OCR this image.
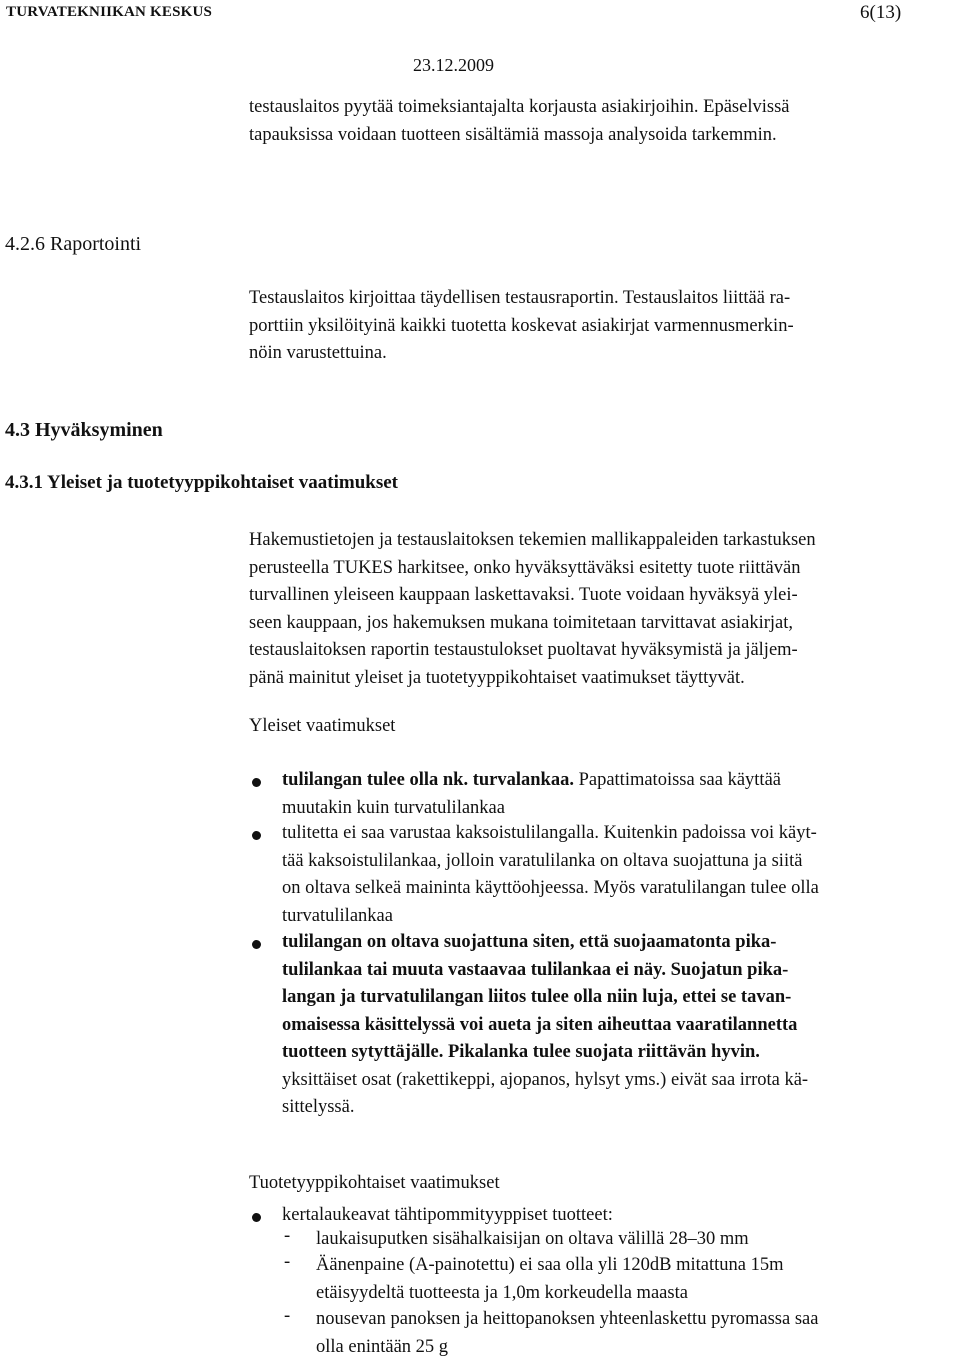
TURVATEKNIIKAN KESKUS	6(13)
23.12.2009
testauslaitos pyytää toimeksiantajalta korjausta asiakirjoihin. Epäselvissä
tapauksissa voidaan tuotteen sisältämiä massoja analysoida tarkemmin.
4.2.6 Raportointi
Testauslaitos kirjoittaa täydellisen testausraportin. Testauslaitos liittää ra-
porttiin yksilöityinä kaikki tuotetta koskevat asiakirjat varmennusmerkin-
nöin varustettuina.
4.3 Hyväksyminen
4.3.1 Yleiset ja tuotetyyppikohtaiset vaatimukset
Hakemustietojen ja testauslaitoksen tekemien mallikappaleiden tarkastuksen
perusteella TUKES harkitsee, onko hyväksyttäväksi esitetty tuote riittävän
turvallinen yleiseen kauppaan laskettavaksi. Tuote voidaan hyväksyä ylei-
seen kauppaan, jos hakemuksen mukana toimitetaan tarvittavat asiakirjat,
testauslaitoksen raportin testaustulokset puoltavat hyväksymistä ja jäljem-
pänä mainitut yleiset ja tuotetyyppikohtaiset vaatimukset täyttyvät.
Yleiset vaatimukset
tulilangan tulee olla nk. turvalankaa. Papattimatoissa saa käyttää
muutakin kuin turvatulilankaa
tulitetta ei saa varustaa kaksoistulilangalla. Kuitenkin padoissa voi käyt-
tää kaksoistulilankaa, jolloin varatulilanka on oltava suojattuna ja siitä
on oltava selkeä maininta käyttöohjeessa. Myös varatulilangan tulee olla
turvatulilankaa
tulilangan on oltava suojattuna siten, että suojaamatonta pika-
tulilankaa tai muuta vastaavaa tulilankaa ei näy. Suojatun pika-
langan ja turvatulilangan liitos tulee olla niin luja, ettei se tavan-
omaisessa käsittelyssä voi aueta ja siten aiheuttaa vaaratilannetta
tuotteen sytyttäjälle. Pikalanka tulee suojata riittävän hyvin.
yksittäiset osat (rakettikeppi, ajopanos, hylsyt yms.) eivät saa irrota kä-
sittelyssä.
Tuotetyyppikohtaiset vaatimukset
kertalaukeavat tähtipommityyppiset tuotteet:
- laukaisuputken sisähalkaisijan on oltava välillä 28–30 mm
- Äänenpaine (A-painotettu) ei saa olla yli 120dB mitattuna 15m
etäisyydeltä tuotteesta ja 1,0m korkeudella maasta
- nousevan panoksen ja heittopanoksen yhteenlaskettu pyromassa saa
olla enintään 25 g
